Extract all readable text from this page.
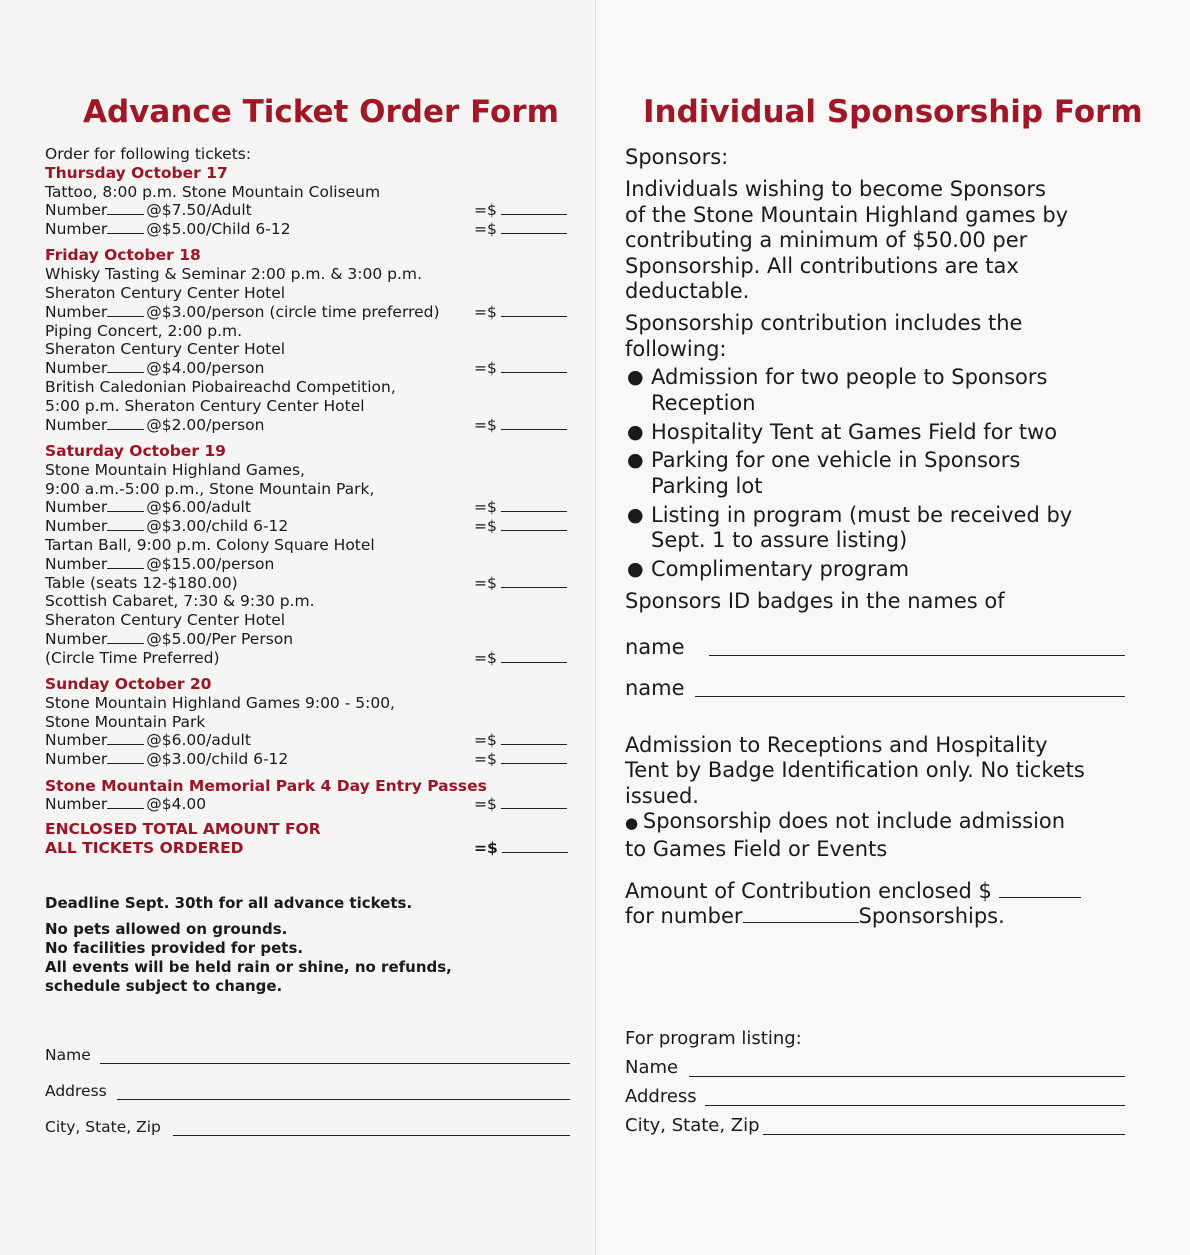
Advance Ticket Order Form
Order for following tickets:
Thursday October 17
Tattoo, 8:00 p.m. Stone Mountain Coliseum
Number	@$7.50/Adult	=$
Number	@$5.00/Child 6-12	=$
Friday October 18
Whisky Tasting & Seminar 2:00 p.m. & 3:00 p.m.
Sheraton Century Center Hotel
Number	@$3.00/person (circle time preferred) =$
Piping Concert, 2:00 p.m.
Sheraton Century Center Hotel
Number	@$4.00/person	=$
British Caledonian Piobaireachd Competition,
5:00 p.m. Sheraton Century Center Hotel
Number	@$2.00/person	=$
Saturday October 19
Stone Mountain Highland Games,
9:00 a.m.-5:00 p.m., Stone Mountain Park,
Number	@$6.00/adult	=$
Number	@$3.00/child 6-12	=$
Tartan Ball, 9:00 p.m. Colony Square Hotel
Number	@$15.00/person
Table (seats 12-$180.00)	=$
Scottish Cabaret, 7:30 & 9:30 p.m.
Sheraton Century Center Hotel
Number	@$5.00/Per Person
(Circle Time Preferred)	=$
Sunday October 20
Stone Mountain Highland Games 9:00 - 5:00,
Stone Mountain Park
Number	@$6.00/adult	=$
Number	@$3.00/child 6-12	=$
Stone Mountain Memorial Park 4 Day Entry Passes
Number	@$4.00	=$
ENCLOSED TOTAL AMOUNT FOR
ALL TICKETS ORDERED	=$
Deadline Sept. 30th for all advance tickets.
No pets allowed on grounds.
No facilities provided for pets.
All events will be held rain or shine, no refunds,
schedule subject to change.
Name
Address
City, State, Zip
Individual Sponsorship Form

Sponsors:

Individuals wishing to become Sponsors

of the Stone Mountain Highland games by

contributing a minimum of $50.00 per

Sponsorship. All contributions are tax

deductable.

Sponsorship contribution includes the

following:

● Admission for two people to Sponsors
Reception
● Hospitality Tent at Games Field for two
● Parking for one vehicle in Sponsors
Parking lot
● Listing in program (must be received by
Sept. 1 to assure listing)
● Complimentary program

Sponsors ID badges in the names of

name
name

Admission to Receptions and Hospitality

Tent by Badge Identification only. No tickets

issued.

● Sponsorship does not include admission

to Games Field or Events

Amount of Contribution enclosed $

for number	Sponsorships.

For program listing:
Name
Address
City, State, Zip
